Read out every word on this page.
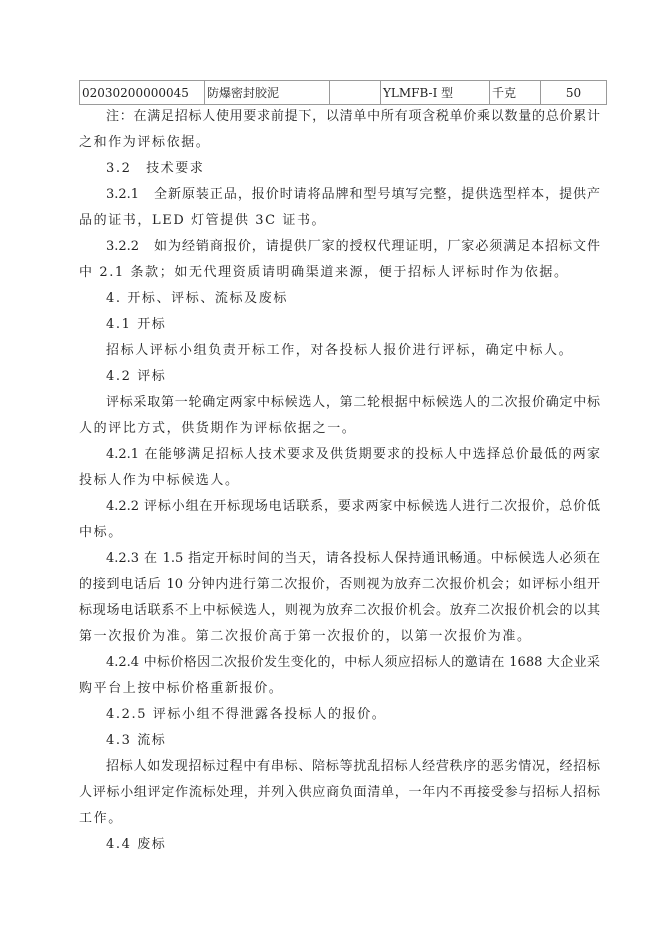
02030200000045	防爆密封胶泥		YLMFB-I 型	千克	50
注：在满足招标人使用要求前提下，以清单中所有项含税单价乘以数量的总价累计
之和作为评标依据。
3.2　技术要求
3.2.1　全新原装正品，报价时请将品牌和型号填写完整，提供选型样本，提供产
品的证书，LED 灯管提供 3C 证书。
3.2.2　如为经销商报价，请提供厂家的授权代理证明，厂家必须满足本招标文件
中 2.1 条款；如无代理资质请明确渠道来源，便于招标人评标时作为依据。
4. 开标、评标、流标及废标
4.1 开标
招标人评标小组负责开标工作，对各投标人报价进行评标，确定中标人。
4.2 评标
评标采取第一轮确定两家中标候选人，第二轮根据中标候选人的二次报价确定中标
人的评比方式，供货期作为评标依据之一。
4.2.1 在能够满足招标人技术要求及供货期要求的投标人中选择总价最低的两家
投标人作为中标候选人。
4.2.2 评标小组在开标现场电话联系，要求两家中标候选人进行二次报价，总价低
中标。
4.2.3 在 1.5 指定开标时间的当天，请各投标人保持通讯畅通。中标候选人必须在
的接到电话后 10 分钟内进行第二次报价，否则视为放弃二次报价机会；如评标小组开
标现场电话联系不上中标候选人，则视为放弃二次报价机会。放弃二次报价机会的以其
第一次报价为准。第二次报价高于第一次报价的，以第一次报价为准。
4.2.4 中标价格因二次报价发生变化的，中标人须应招标人的邀请在 1688 大企业采
购平台上按中标价格重新报价。
4.2.5 评标小组不得泄露各投标人的报价。
4.3 流标
招标人如发现招标过程中有串标、陪标等扰乱招标人经营秩序的恶劣情况，经招标
人评标小组评定作流标处理，并列入供应商负面清单，一年内不再接受参与招标人招标
工作。
4.4 废标
